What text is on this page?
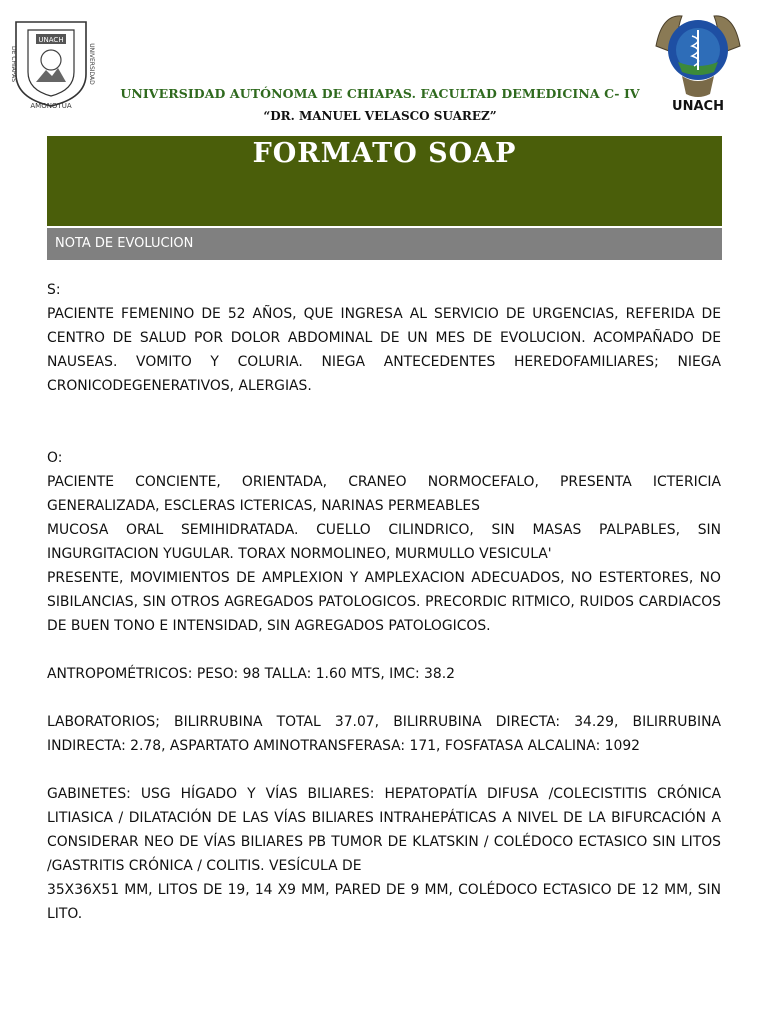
UNACH
DE CHIAPAS	UNIVERSIDAD
AMONOTUA	UNACH
UNIVERSIDAD AUTÓNOMA DE CHIAPAS. FACULTAD DEMEDICINA C- IV
“DR. MANUEL VELASCO SUAREZ”
FORMATO SOAP
NOTA DE EVOLUCION

S:

PACIENTE FEMENINO DE 52 AÑOS, QUE INGRESA AL SERVICIO DE URGENCIAS, REFERIDA DE CENTRO DE SALUD POR DOLOR ABDOMINAL DE UN MES DE EVOLUCION. ACOMPAÑADO DE NAUSEAS. VOMITO Y COLURIA. NIEGA ANTECEDENTES HEREDOFAMILIARES; NIEGA CRONICODEGENERATIVOS, ALERGIAS.

O:

PACIENTE CONCIENTE, ORIENTADA, CRANEO NORMOCEFALO, PRESENTA ICTERICIA GENERALIZADA, ESCLERAS ICTERICAS, NARINAS PERMEABLES

MUCOSA ORAL SEMIHIDRATADA. CUELLO CILINDRICO, SIN MASAS PALPABLES, SIN INGURGITACION YUGULAR. TORAX NORMOLINEO, MURMULLO VESICULA'

PRESENTE, MOVIMIENTOS DE AMPLEXION Y AMPLEXACION ADECUADOS, NO ESTERTORES, NO SIBILANCIAS, SIN OTROS AGREGADOS PATOLOGICOS. PRECORDIC RITMICO, RUIDOS CARDIACOS DE BUEN TONO E INTENSIDAD, SIN AGREGADOS PATOLOGICOS.

ANTROPOMÉTRICOS: PESO: 98 TALLA: 1.60 MTS, IMC: 38.2

LABORATORIOS; BILIRRUBINA TOTAL 37.07, BILIRRUBINA DIRECTA: 34.29, BILIRRUBINA INDIRECTA: 2.78, ASPARTATO AMINOTRANSFERASA: 171, FOSFATASA ALCALINA: 1092

GABINETES: USG HÍGADO Y VÍAS BILIARES: HEPATOPATÍA DIFUSA /COLECISTITIS CRÓNICA LITIASICA / DILATACIÓN DE LAS VÍAS BILIARES INTRAHEPÁTICAS A NIVEL DE LA BIFURCACIÓN A CONSIDERAR NEO DE VÍAS BILIARES PB TUMOR DE KLATSKIN / COLÉDOCO ECTASICO SIN LITOS /GASTRITIS CRÓNICA / COLITIS. VESÍCULA DE

35X36X51 MM, LITOS DE 19, 14 X9 MM, PARED DE 9 MM, COLÉDOCO ECTASICO DE 12 MM, SIN LITO.
